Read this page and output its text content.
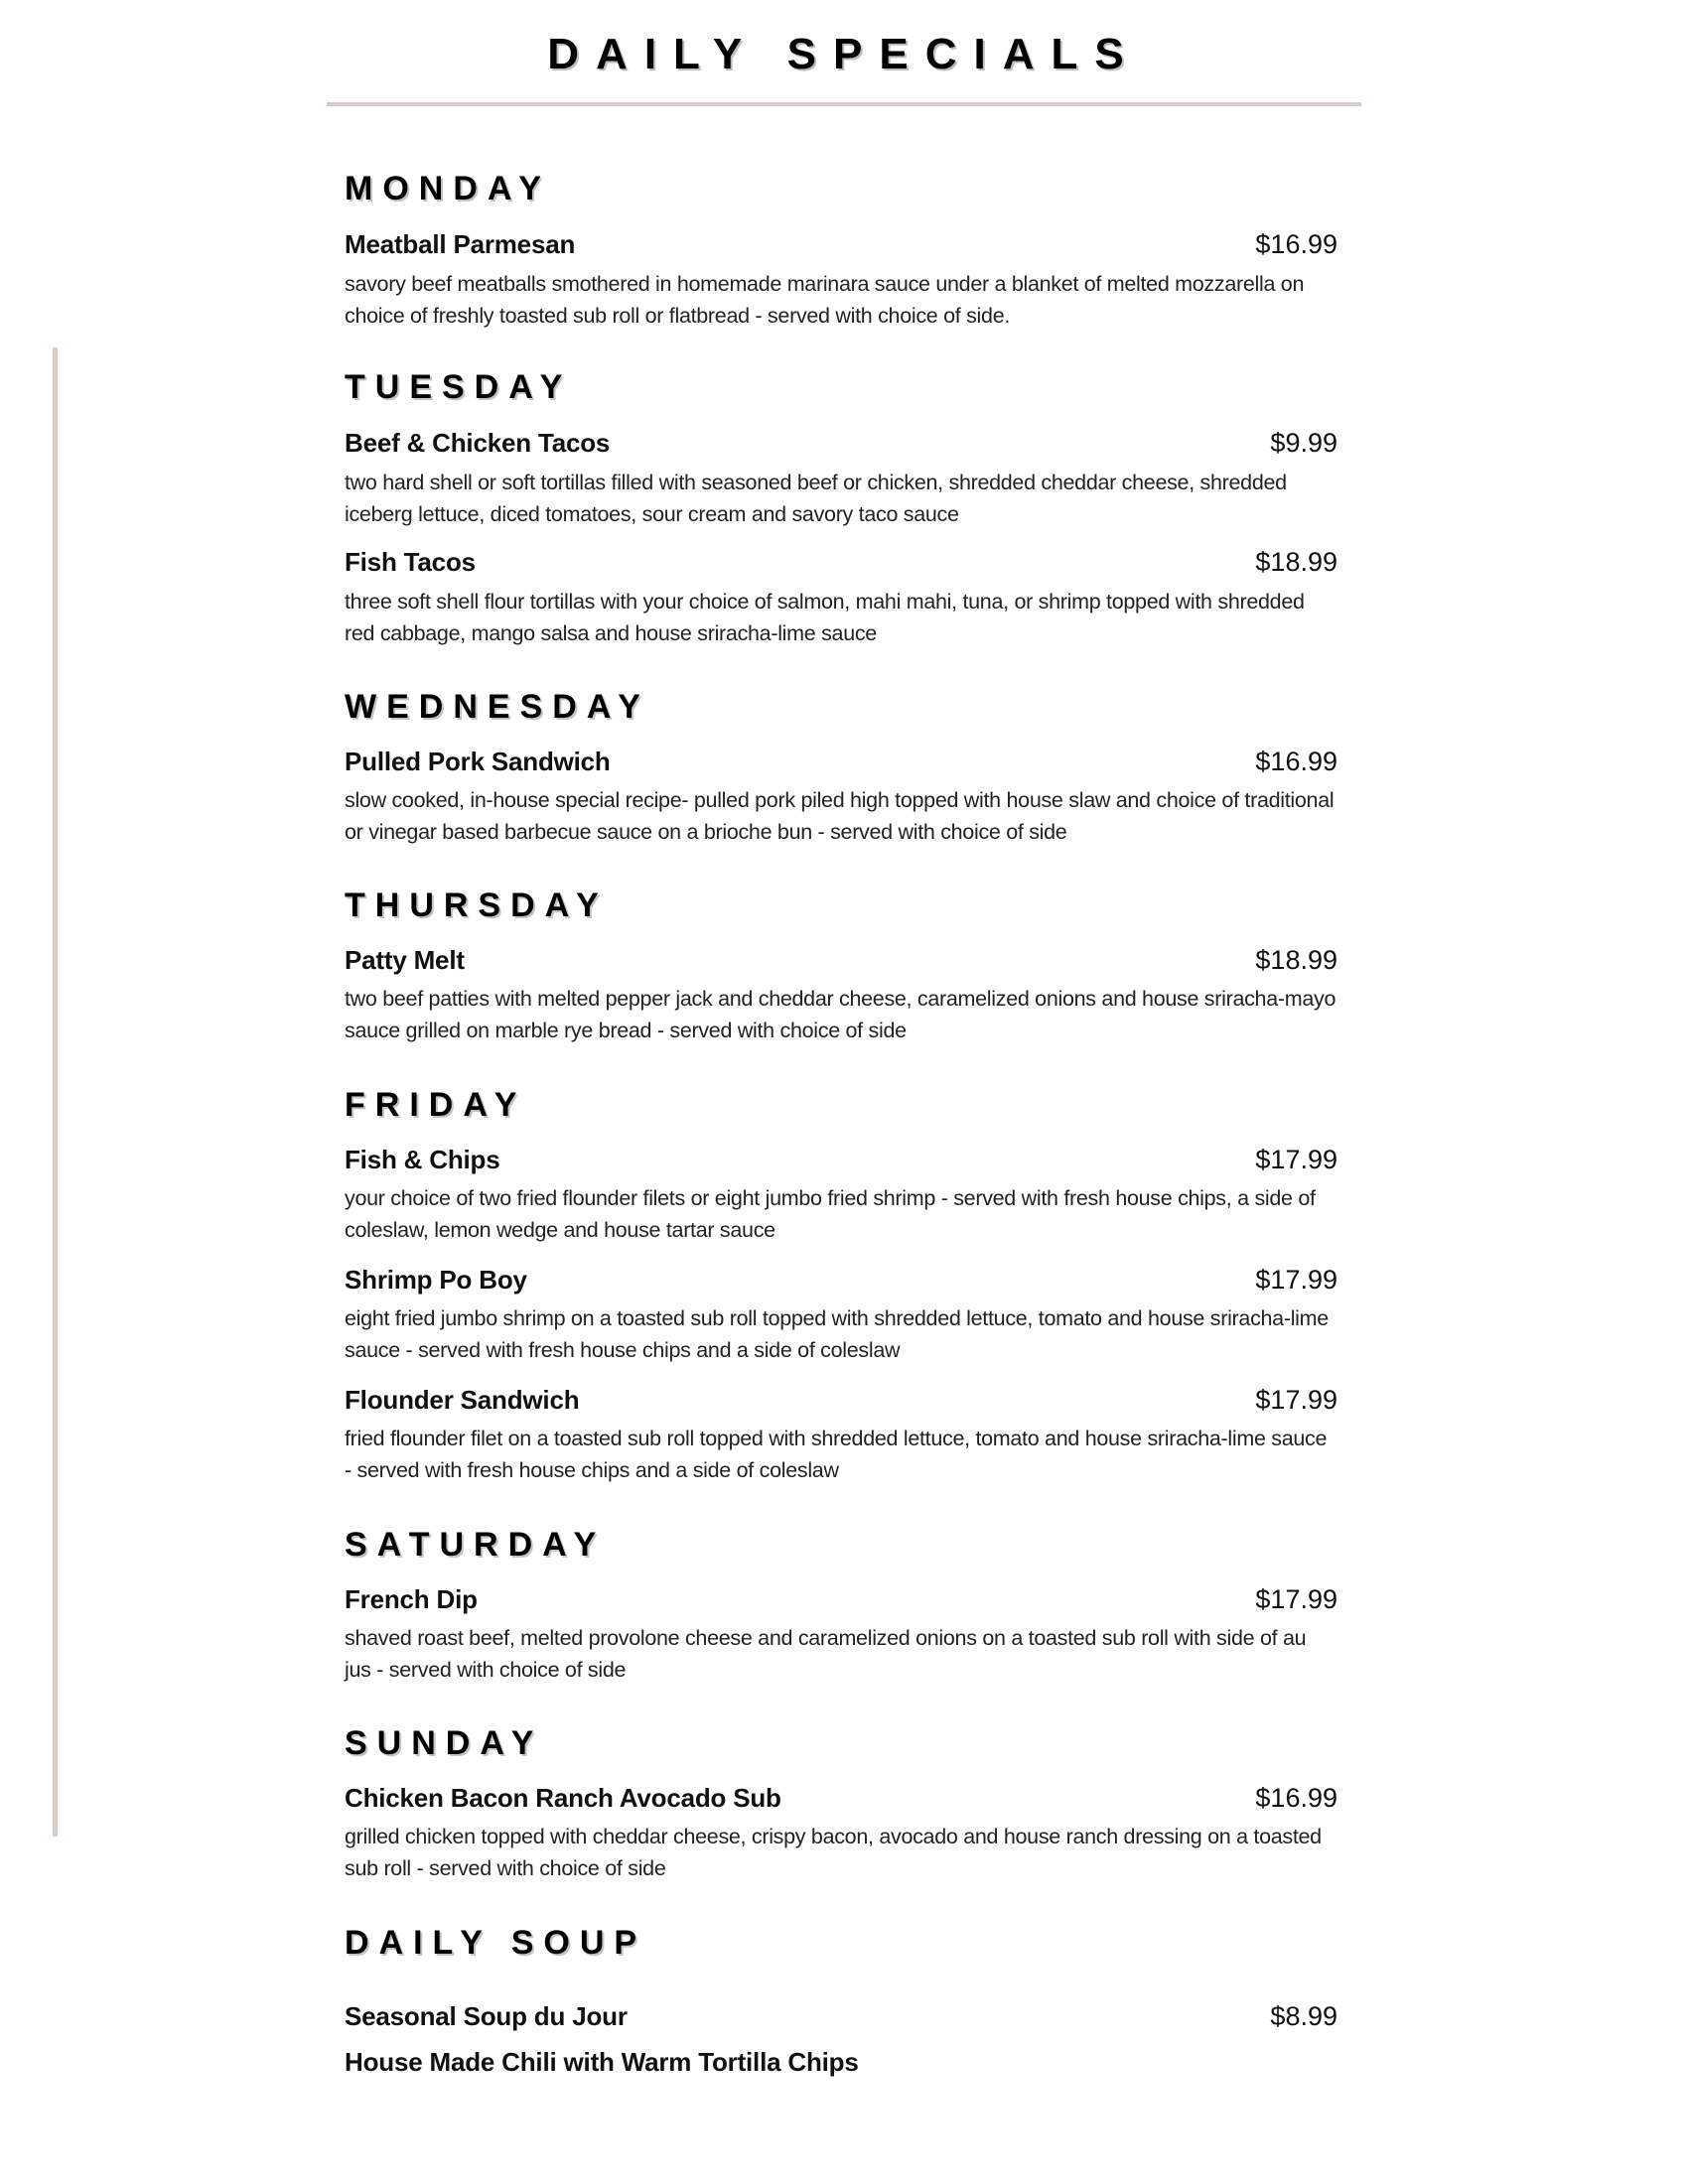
DAILY SPECIALS
MONDAY
Meatball Parmesan	$16.99
savory beef meatballs smothered in homemade marinara sauce under a blanket of melted mozzarella on choice of freshly toasted sub roll or flatbread - served with choice of side.
TUESDAY
Beef & Chicken Tacos	$9.99
two hard shell or soft tortillas filled with seasoned beef or chicken, shredded cheddar cheese, shredded iceberg lettuce, diced tomatoes, sour cream and savory taco sauce
Fish Tacos	$18.99
three soft shell flour tortillas with your choice of salmon, mahi mahi, tuna, or shrimp topped with shredded red cabbage, mango salsa and house sriracha-lime sauce
WEDNESDAY
Pulled Pork Sandwich	$16.99
slow cooked, in-house special recipe- pulled pork piled high topped with house slaw and choice of traditional or vinegar based barbecue sauce on a brioche bun - served with choice of side
THURSDAY
Patty Melt	$18.99
two beef patties with melted pepper jack and cheddar cheese, caramelized onions and house sriracha-mayo sauce grilled on marble rye bread - served with choice of side
FRIDAY
Fish & Chips	$17.99
your choice of two fried flounder filets or eight jumbo fried shrimp - served with fresh house chips, a side of coleslaw, lemon wedge and house tartar sauce
Shrimp Po Boy	$17.99
eight fried jumbo shrimp on a toasted sub roll topped with shredded lettuce, tomato and house sriracha-lime sauce - served with fresh house chips and a side of coleslaw
Flounder Sandwich	$17.99
fried flounder filet on a toasted sub roll topped with shredded lettuce, tomato and house sriracha-lime sauce - served with fresh house chips and a side of coleslaw
SATURDAY
French Dip	$17.99
shaved roast beef, melted provolone cheese and caramelized onions on a toasted sub roll with side of au jus - served with choice of side
SUNDAY
Chicken Bacon Ranch Avocado Sub	$16.99
grilled chicken topped with cheddar cheese, crispy bacon, avocado and house ranch dressing on a toasted sub roll - served with choice of side
DAILY SOUP
Seasonal Soup du Jour	$8.99
House Made Chili with Warm Tortilla Chips
